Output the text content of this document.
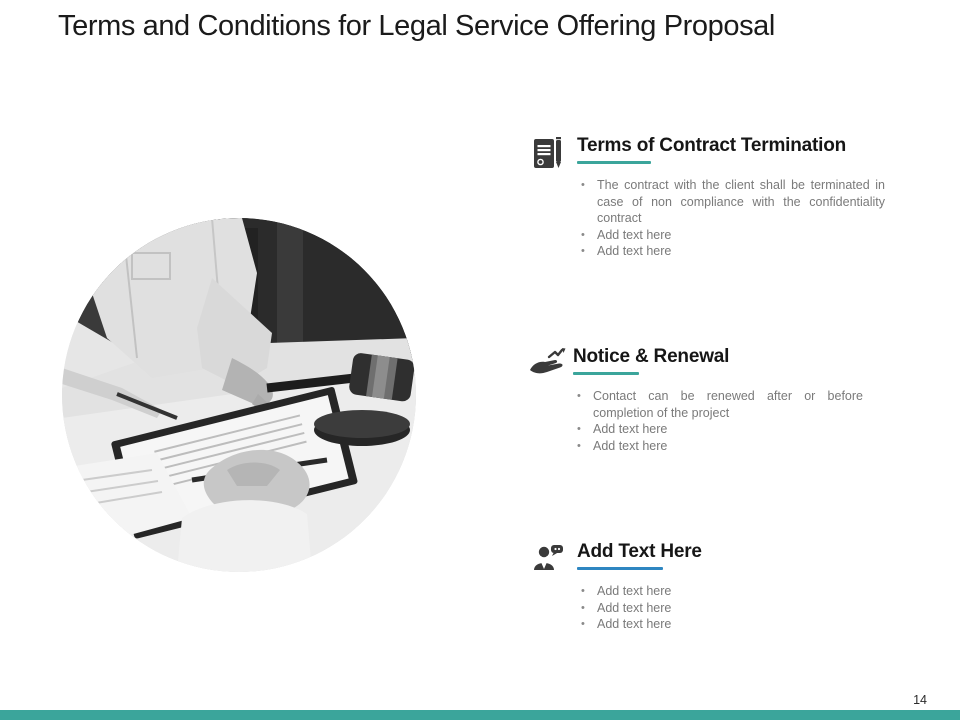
Terms and Conditions for Legal Service Offering Proposal
Terms of Contract Termination
• The contract with the client shall be terminated in case of non compliance with the confidentiality contract
• Add text here
• Add text here
Notice & Renewal
• Contact can be renewed after or before completion of the project
• Add text here
• Add text here
Add Text Here
• Add text here
• Add text here
• Add text here
14
